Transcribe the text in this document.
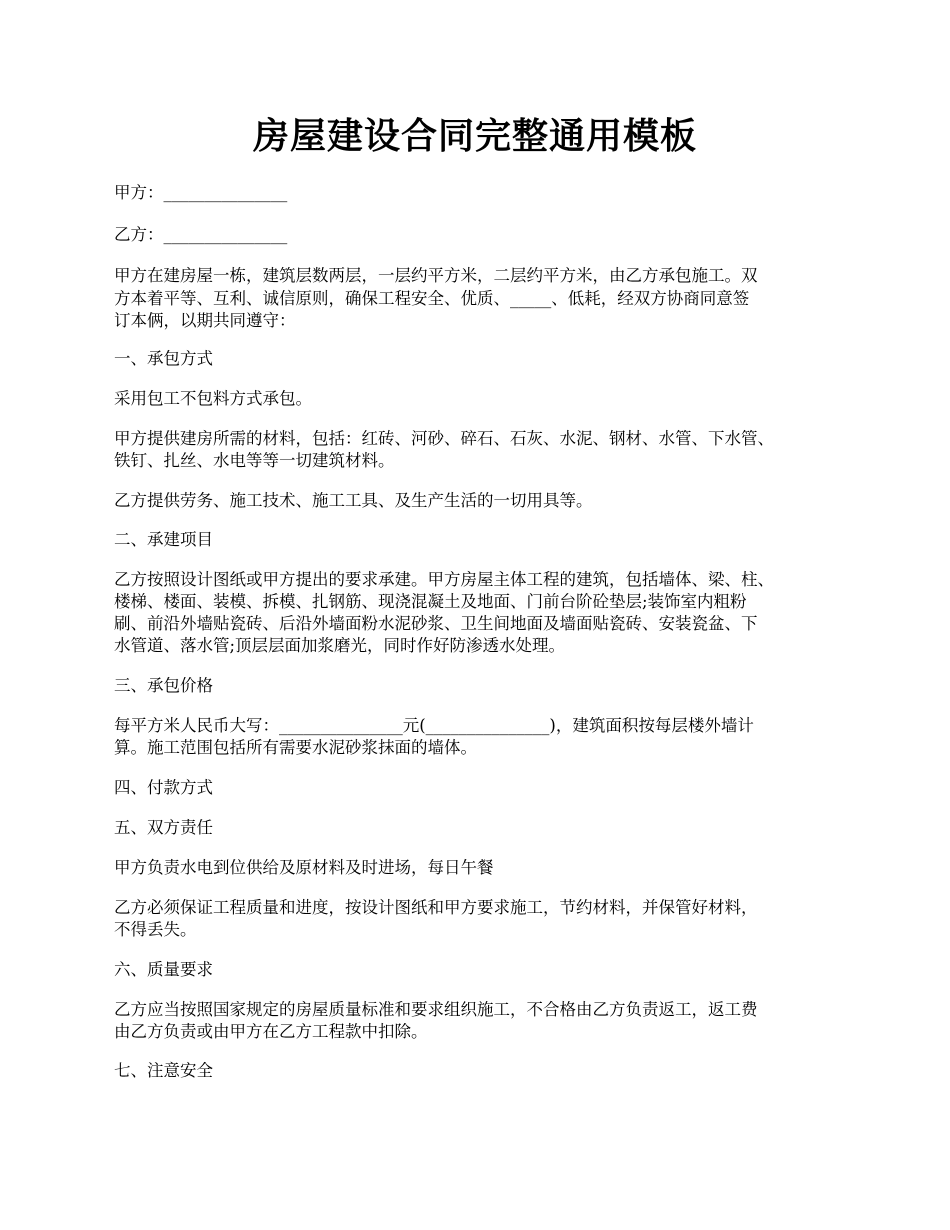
房屋建设合同完整通用模板
甲方：_______________
乙方：_______________
甲方在建房屋一栋，建筑层数两层，一层约平方米，二层约平方米，由乙方承包施工。双
方本着平等、互利、诚信原则，确保工程安全、优质、_____、低耗，经双方协商同意签
订本俩，以期共同遵守：
一、承包方式
采用包工不包料方式承包。
甲方提供建房所需的材料，包括：红砖、河砂、碎石、石灰、水泥、钢材、水管、下水管、
铁钉、扎丝、水电等等一切建筑材料。
乙方提供劳务、施工技术、施工工具、及生产生活的一切用具等。
二、承建项目
乙方按照设计图纸或甲方提出的要求承建。甲方房屋主体工程的建筑，包括墙体、梁、柱、
楼梯、楼面、装模、拆模、扎钢筋、现浇混凝土及地面、门前台阶砼垫层;装饰室内粗粉
刷、前沿外墙贴瓷砖、后沿外墙面粉水泥砂浆、卫生间地面及墙面贴瓷砖、安装瓷盆、下
水管道、落水管;顶层层面加浆磨光，同时作好防渗透水处理。
三、承包价格
每平方米人民币大写：_______________元(_______________)，建筑面积按每层楼外墙计
算。施工范围包括所有需要水泥砂浆抹面的墙体。
四、付款方式
五、双方责任
甲方负责水电到位供给及原材料及时进场，每日午餐
乙方必须保证工程质量和进度，按设计图纸和甲方要求施工，节约材料，并保管好材料，
不得丢失。
六、质量要求
乙方应当按照国家规定的房屋质量标准和要求组织施工，不合格由乙方负责返工，返工费
由乙方负责或由甲方在乙方工程款中扣除。
七、注意安全
